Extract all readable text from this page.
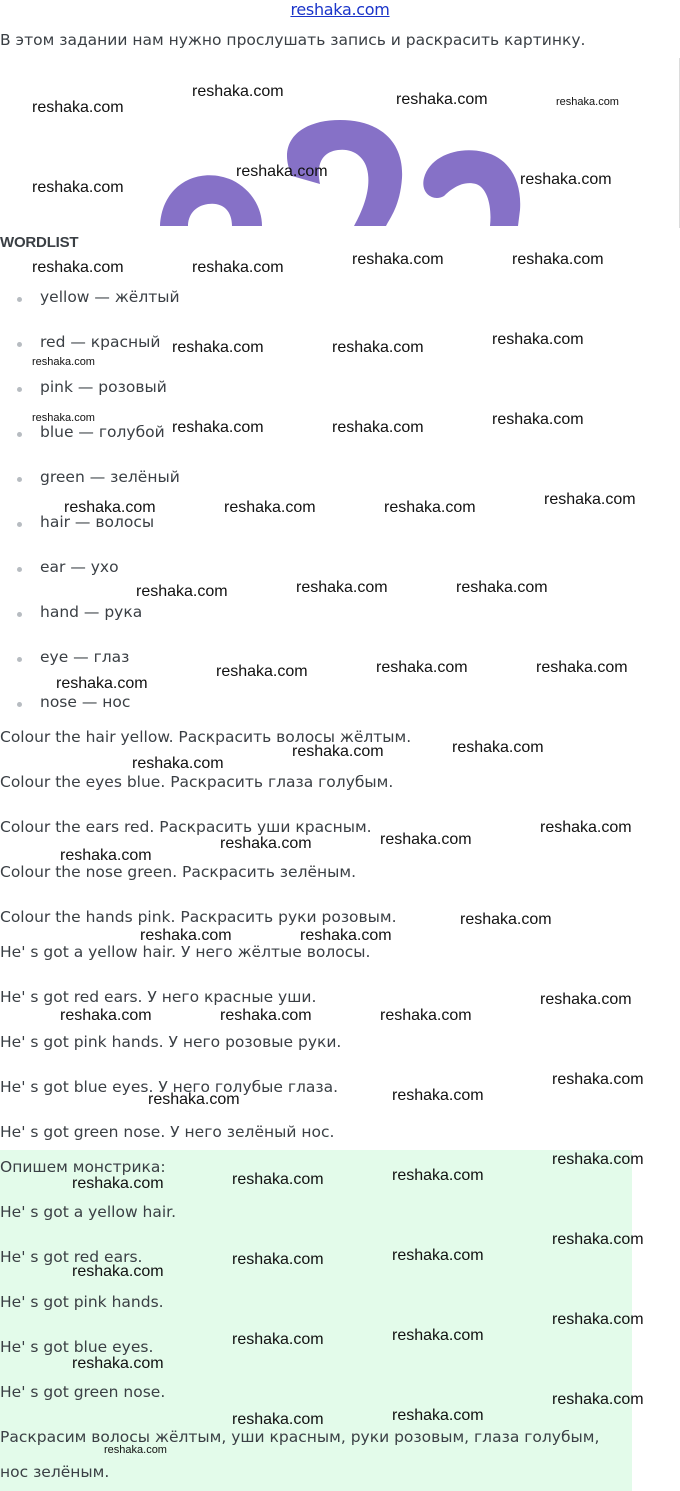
reshaka.com
В этом задании нам нужно прослушать запись и раскрасить картинку.
WORDLIST
yellow — жёлтый
red — красный
pink — розовый
blue — голубой
green — зелёный
hair — волосы
ear — ухо
hand — рука
eye — глаз
nose — нос
Colour the hair yellow. Раскрасить волосы жёлтым.
Colour the eyes blue. Раскрасить глаза голубым.
Colour the ears red. Раскрасить уши красным.
Colour the nose green. Раскрасить зелёным.
Colour the hands pink. Раскрасить руки розовым.
He' s got a yellow hair. У него жёлтые волосы.
He' s got red ears. У него красные уши.
He' s got pink hands. У него розовые руки.
He' s got blue eyes. У него голубые глаза.
He' s got green nose. У него зелёный нос.
Опишем монстрика:
He' s got a yellow hair.
He' s got red ears.
He' s got pink hands.
He' s got blue eyes.
He' s got green nose.
Раскрасим волосы жёлтым, уши красным, руки розовым, глаза голубым,
нос зелёным.
reshaka.com
reshaka.com	reshaka.com	reshaka.com
reshaka.com
reshaka.com	reshaka.com
reshaka.com	reshaka.com	reshaka.com	reshaka.com
reshaka.com	reshaka.com	reshaka.com
reshaka.com
reshaka.com	reshaka.com	reshaka.com
reshaka.com
reshaka.com	reshaka.com	reshaka.com	reshaka.com
reshaka.com	reshaka.com	reshaka.com
reshaka.com	reshaka.com	reshaka.com
reshaka.com
reshaka.com	reshaka.com
reshaka.com
reshaka.com
reshaka.com
reshaka.com
reshaka.com
reshaka.com
reshaka.com	reshaka.com
reshaka.com
reshaka.com	reshaka.com	reshaka.com
reshaka.com
reshaka.com
reshaka.com
reshaka.com
reshaka.com
reshaka.com
reshaka.com
reshaka.com
reshaka.com
reshaka.com
reshaka.com
reshaka.com
reshaka.com
reshaka.com
reshaka.com
reshaka.com
reshaka.com
reshaka.com
reshaka.com
